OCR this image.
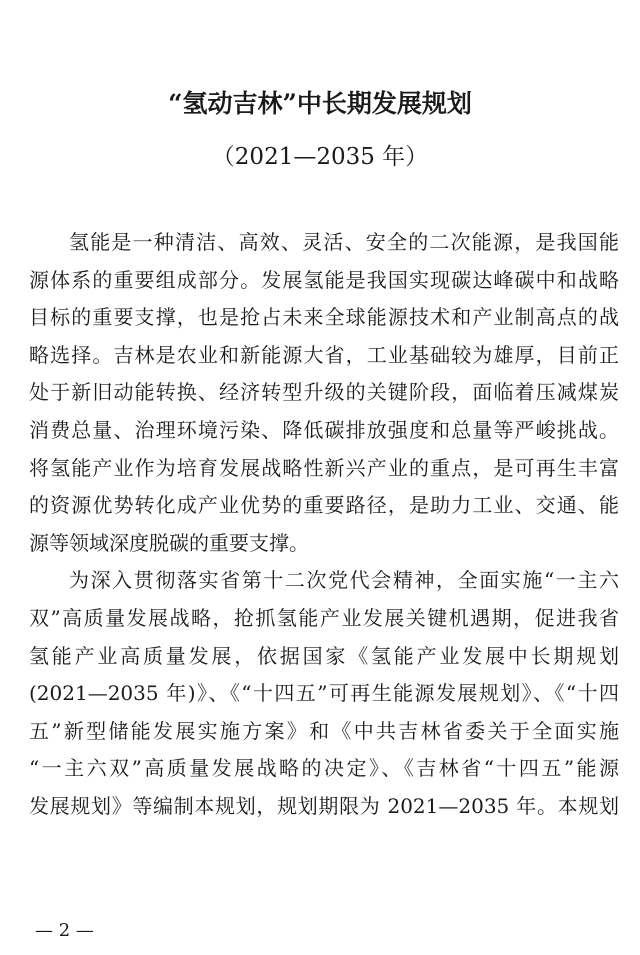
“氢动吉林”中长期发展规划
（2021—2035 年）
氢能是一种清洁、高效、灵活、安全的二次能源，是我国能
源体系的重要组成部分。发展氢能是我国实现碳达峰碳中和战略
目标的重要支撑，也是抢占未来全球能源技术和产业制高点的战
略选择。吉林是农业和新能源大省，工业基础较为雄厚，目前正
处于新旧动能转换、经济转型升级的关键阶段，面临着压减煤炭
消费总量、治理环境污染、降低碳排放强度和总量等严峻挑战。
将氢能产业作为培育发展战略性新兴产业的重点，是可再生丰富
的资源优势转化成产业优势的重要路径，是助力工业、交通、能
源等领域深度脱碳的重要支撑。
为深入贯彻落实省第十二次党代会精神，全面实施“一主六
双”高质量发展战略，抢抓氢能产业发展关键机遇期，促进我省
氢能产业高质量发展，依据国家《氢能产业发展中长期规划
(2021—2035 年)》、《“十四五”可再生能源发展规划》、《“十四
五”新型储能发展实施方案》和《中共吉林省委关于全面实施
“一主六双”高质量发展战略的决定》、《吉林省“十四五”能源
发展规划》等编制本规划，规划期限为 2021—2035 年。本规划
— 2 —
